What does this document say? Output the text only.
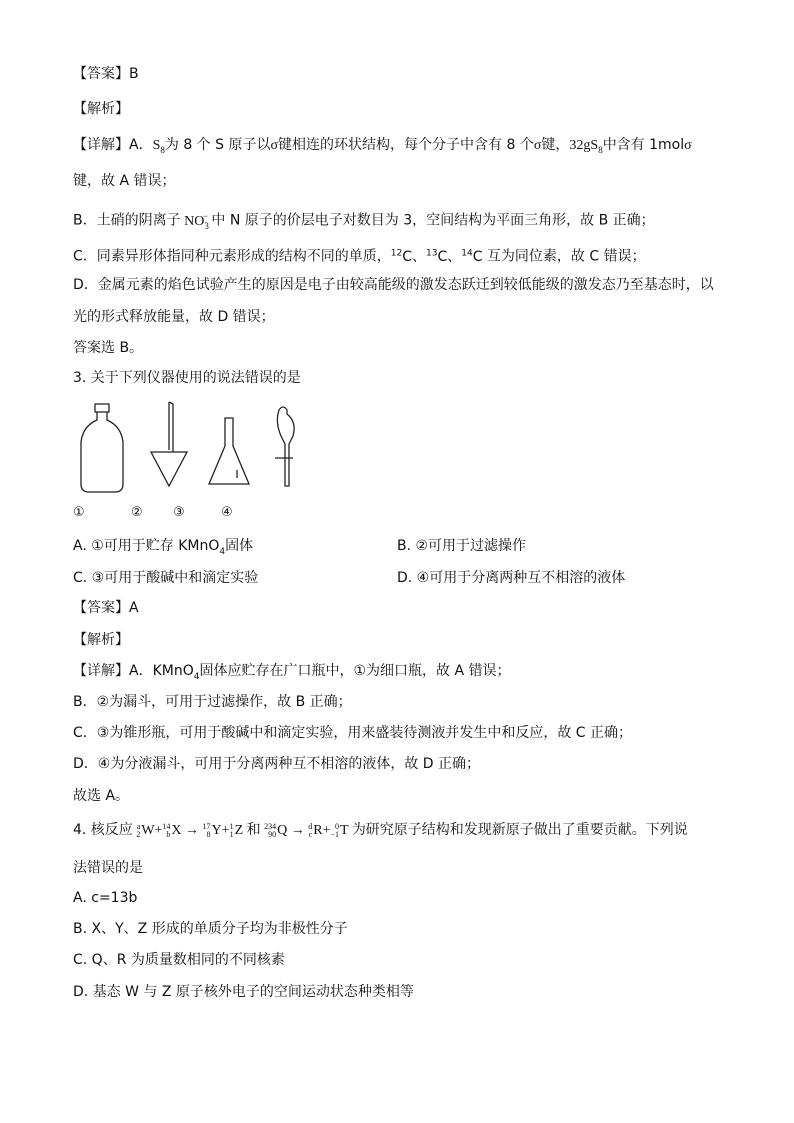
【答案】B
【解析】
【详解】A．$S_8$为 8 个 S 原子以σ键相连的环状结构，每个分子中含有 8 个σ键，$32gS_8$中含有 1molσ
键，故 A 错误；
B．土硝的阴离子 $NO_3^-$ 中 N 原子的价层电子对数目为 3，空间结构为平面三角形，故 B 正确；
C．同素异形体指同种元素形成的结构不同的单质，$^{12}$C、$^{13}$C、$^{14}$C 互为同位素，故 C 错误；
D．金属元素的焰色试验产生的原因是电子由较高能级的激发态跃迁到较低能级的激发态乃至基态时，以
光的形式释放能量，故 D 错误；
答案选 B。
3. 关于下列仪器使用的说法错误的是
①	② ③	④
A. ①可用于贮存 KMnO$_4$固体	B. ②可用于过滤操作
C. ③可用于酸碱中和滴定实验	D. ④可用于分离两种互不相溶的液体
【答案】A
【解析】
【详解】A．KMnO$_4$固体应贮存在广口瓶中，①为细口瓶，故 A 错误；
B．②为漏斗，可用于过滤操作，故 B 正确；
C．③为锥形瓶，可用于酸碱中和滴定实验，用来盛装待测液并发生中和反应，故 C 正确；
D．④为分液漏斗，可用于分离两种互不相溶的液体，故 D 正确；
故选 A。
4. 核反应 a
2 W+ 14
b X → 17
8 Y+ 1
1 Z 和 234
90 Q → d
c R+ 0
−1 T 为研究原子结构和发现新原子做出了重要贡献。下列说
法错误的是
A. c=13b
B. X、Y、Z 形成的单质分子均为非极性分子
C. Q、R 为质量数相同的不同核素
D. 基态 W 与 Z 原子核外电子的空间运动状态种类相等
